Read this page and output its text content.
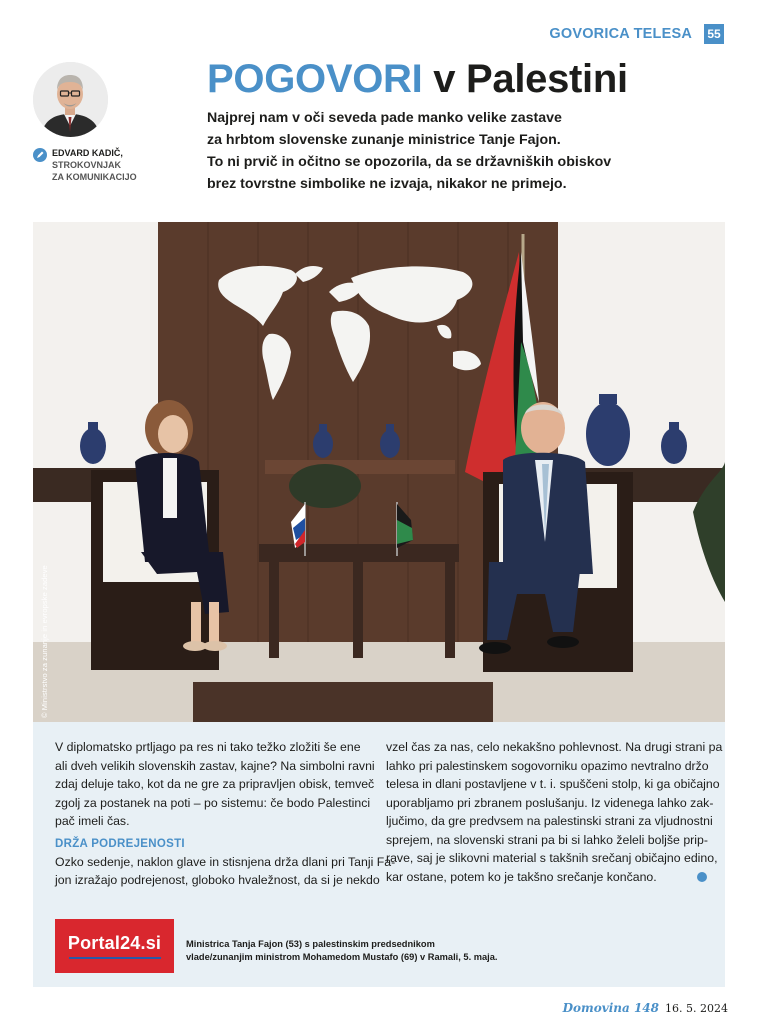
GOVORICA TELESA 55
EDVARD KADIČ,
STROKOVNJAK
ZA KOMUNIKACIJO
POGOVORI v Palestini
Najprej nam v oči seveda pade manko velike zastave
za hrbtom slovenske zunanje ministrice Tanje Fajon.
To ni prvič in očitno se opozorila, da se državniških obiskov
brez tovrstne simbolike ne izvaja, nikakor ne primejo.
© Ministrstvo za zunanje in evropske zadeve

V diplomatsko prtljago pa res ni tako težko zložiti še ene
ali dveh velikih slovenskih zastav, kajne? Na simbolni ravni
zdaj deluje tako, kot da ne gre za pripravljen obisk, temveč
zgolj za postanek na poti – po sistemu: če bodo Palestinci
pač imeli čas.

DRŽA PODREJENOSTI

Ozko sedenje, naklon glave in stisnjena drža dlani pri Tanji Fa-
jon izražajo podrejenost, globoko hvaležnost, da si je nekdo

vzel čas za nas, celo nekakšno pohlevnost. Na drugi strani pa
lahko pri palestinskem sogovorniku opazimo nevtralno držo
telesa in dlani postavljene v t. i. spuščeni stolp, ki ga običajno
uporabljamo pri zbranem poslušanju. Iz videnega lahko zak-
ljučimo, da gre predvsem na palestinski strani za vljudnostni
sprejem, na slovenski strani pa bi si lahko želeli boljše prip-
rave, saj je slikovni material s takšnih srečanj običajno edino,
kar ostane, potem ko je takšno srečanje končano.

Portal24.si	Ministrica Tanja Fajon (53) s palestinskim predsednikom
vlade/zunanjim ministrom Mohamedom Mustafo (69) v Ramali, 5. maja.
Domovina 148 16. 5. 2024
